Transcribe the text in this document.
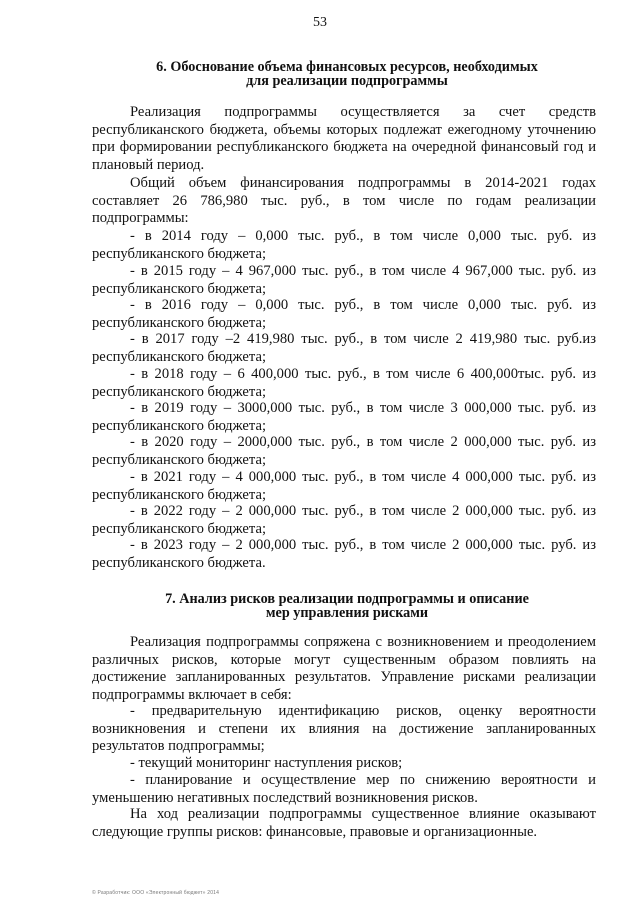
53
6. Обоснование объема финансовых ресурсов, необходимых
для реализации подпрограммы
Реализация подпрограммы осуществляется за счет средств республиканского бюджета, объемы которых подлежат ежегодному уточнению при формировании республиканского бюджета на очередной финансовый год и плановый период.
Общий объем финансирования подпрограммы в 2014-2021 годах составляет 26 786,980 тыс. руб., в том числе по годам реализации подпрограммы:
- в 2014 году – 0,000 тыс. руб., в том числе 0,000 тыс. руб. из республиканского бюджета;
- в 2015 году – 4 967,000 тыс. руб., в том числе 4 967,000 тыс. руб. из республиканского бюджета;
- в 2016 году – 0,000 тыс. руб., в том числе 0,000 тыс. руб. из республиканского бюджета;
- в 2017 году –2 419,980 тыс. руб., в том числе 2 419,980 тыс. руб.из республиканского бюджета;
- в 2018 году – 6 400,000 тыс. руб., в том числе 6 400,000тыс. руб. из республиканского бюджета;
- в 2019 году – 3000,000 тыс. руб., в том числе 3 000,000 тыс. руб. из республиканского бюджета;
- в 2020 году – 2000,000 тыс. руб., в том числе 2 000,000 тыс. руб. из республиканского бюджета;
- в 2021 году – 4 000,000 тыс. руб., в том числе 4 000,000 тыс. руб. из республиканского бюджета;
- в 2022 году – 2 000,000 тыс. руб., в том числе 2 000,000 тыс. руб. из республиканского бюджета;
- в 2023 году – 2 000,000 тыс. руб., в том числе 2 000,000 тыс. руб. из республиканского бюджета.
7. Анализ рисков реализации подпрограммы и описание
мер управления рисками
Реализация подпрограммы сопряжена с возникновением и преодолением различных рисков, которые могут существенным образом повлиять на достижение запланированных результатов. Управление рисками реализации подпрограммы включает в себя:
- предварительную идентификацию рисков, оценку вероятности возникновения и степени их влияния на достижение запланированных результатов подпрограммы;
- текущий мониторинг наступления рисков;
- планирование и осуществление мер по снижению вероятности и уменьшению негативных последствий возникновения рисков.
На ход реализации подпрограммы существенное влияние оказывают следующие группы рисков: финансовые, правовые и организационные.
© Разработчик: ООО «Электронный бюджет» 2014
